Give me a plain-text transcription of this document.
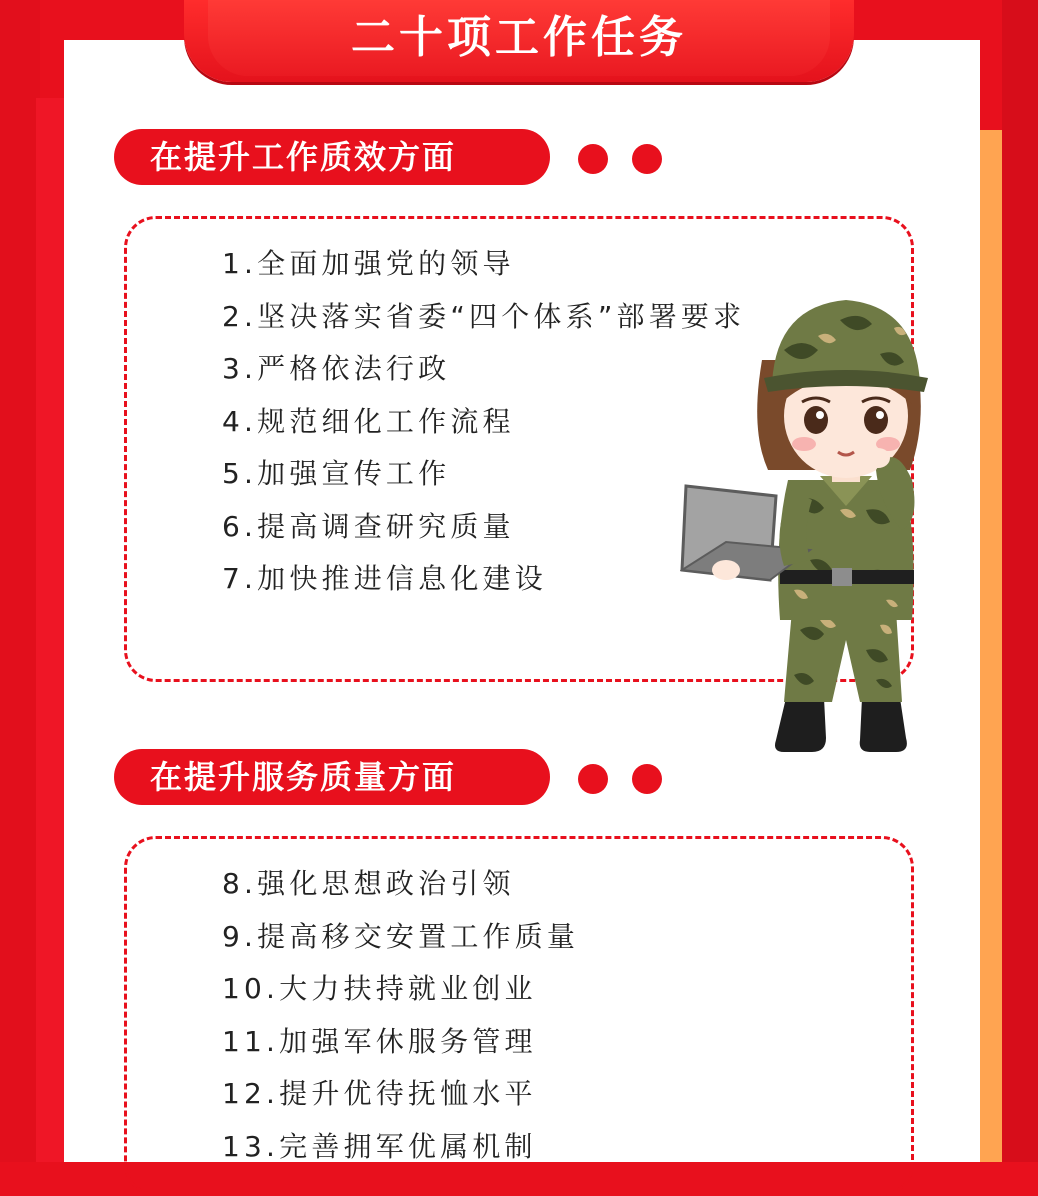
二十项工作任务
在提升工作质效方面
1.全面加强党的领导
2.坚决落实省委“四个体系”部署要求
3.严格依法行政
4.规范细化工作流程
5.加强宣传工作
6.提高调查研究质量
7.加快推进信息化建设
在提升服务质量方面
8.强化思想政治引领
9.提高移交安置工作质量
10.大力扶持就业创业
11.加强军休服务管理
12.提升优待抚恤水平
13.完善拥军优属机制
